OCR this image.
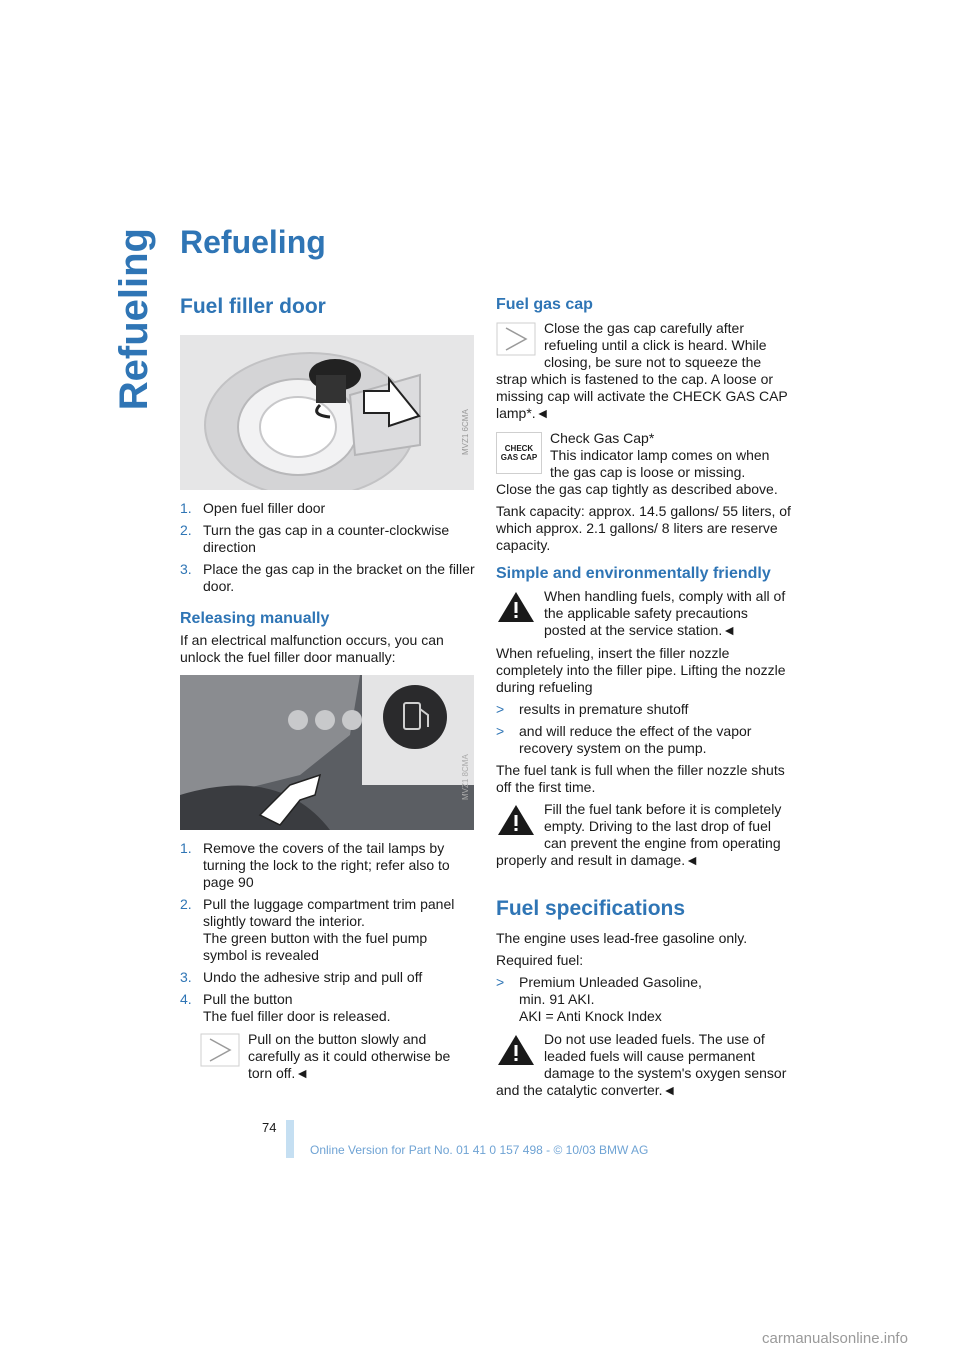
Refueling Refueling
Fuel filler door
MVZ1 6CMA
1. Open fuel filler door
2. Turn the gas cap in a counter-clockwise direction
3. Place the gas cap in the bracket on the filler door.
Releasing manually
If an electrical malfunction occurs, you can unlock the fuel filler door manually:
MVZ1 8CMA
1. Remove the covers of the tail lamps by turning the lock to the right; refer also to page 90
2. Pull the luggage compartment trim panel slightly toward the interior.
The green button with the fuel pump symbol is revealed
3. Undo the adhesive strip and pull off
4. Pull the button
The fuel filler door is released.
Pull on the button slowly and carefully as it could otherwise be torn off.◄
Fuel gas cap
Close the gas cap carefully after refueling until a click is heard. While closing, be sure not to squeeze the strap which is fastened to the cap. A loose or missing cap will activate the CHECK GAS CAP lamp*.◄
CHECK GAS CAP
Check Gas Cap*
This indicator lamp comes on when the gas cap is loose or missing.

Close the gas cap tightly as described above.

Tank capacity: approx. 14.5 gallons/ 55 liters, of which approx. 2.1 gallons/ 8 liters are reserve capacity.

Simple and environmentally friendly
When handling fuels, comply with all of the applicable safety precautions posted at the service station.◄

When refueling, insert the filler nozzle completely into the filler pipe. Lifting the nozzle during refueling

> results in premature shutoff
> and will reduce the effect of the vapor recovery system on the pump.

The fuel tank is full when the filler nozzle shuts off the first time.

Fill the fuel tank before it is completely empty. Driving to the last drop of fuel can prevent the engine from operating properly and result in damage.◄
Fuel specifications

The engine uses lead-free gasoline only.

Required fuel:

> Premium Unleaded Gasoline,
min. 91 AKI.
AKI = Anti Knock Index
Do not use leaded fuels. The use of leaded fuels will cause permanent damage to the system's oxygen sensor and the catalytic converter.◄
74
Online Version for Part No. 01 41 0 157 498 - © 10/03 BMW AG
carmanualsonline.info
